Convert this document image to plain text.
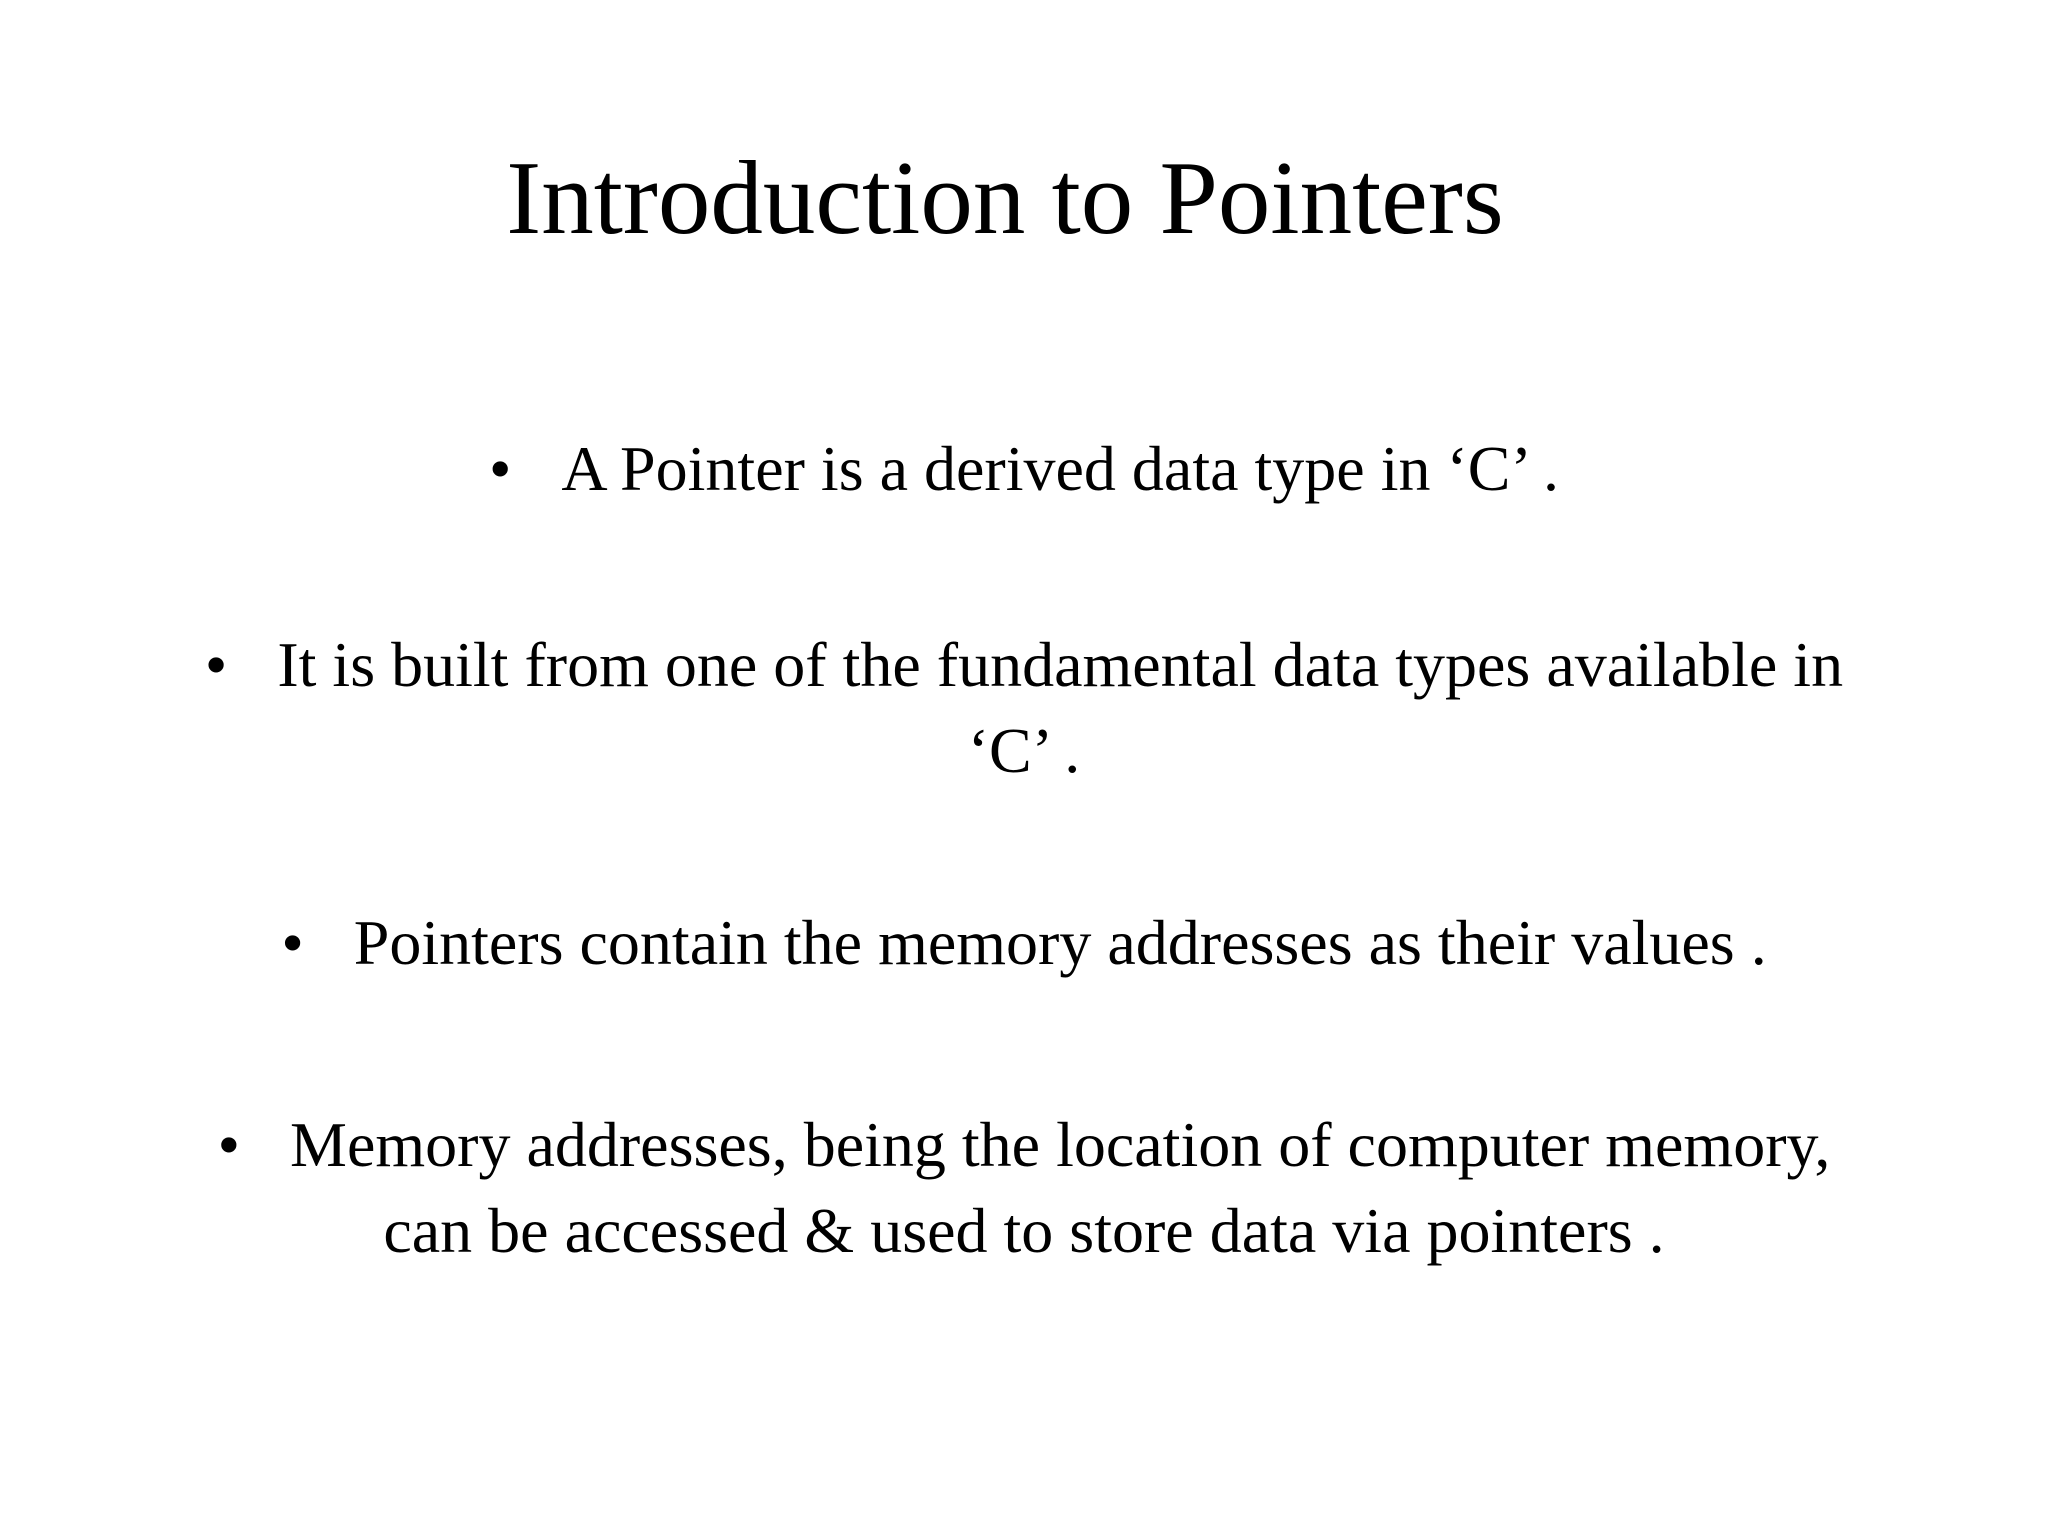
Introduction to Pointers
• A Pointer is a derived data type in ‘C’ .
• It is built from one of the fundamental data types available in
‘C’ .
• Pointers contain the memory addresses as their values .
• Memory addresses, being the location of computer memory,
can be accessed & used to store data via pointers .
